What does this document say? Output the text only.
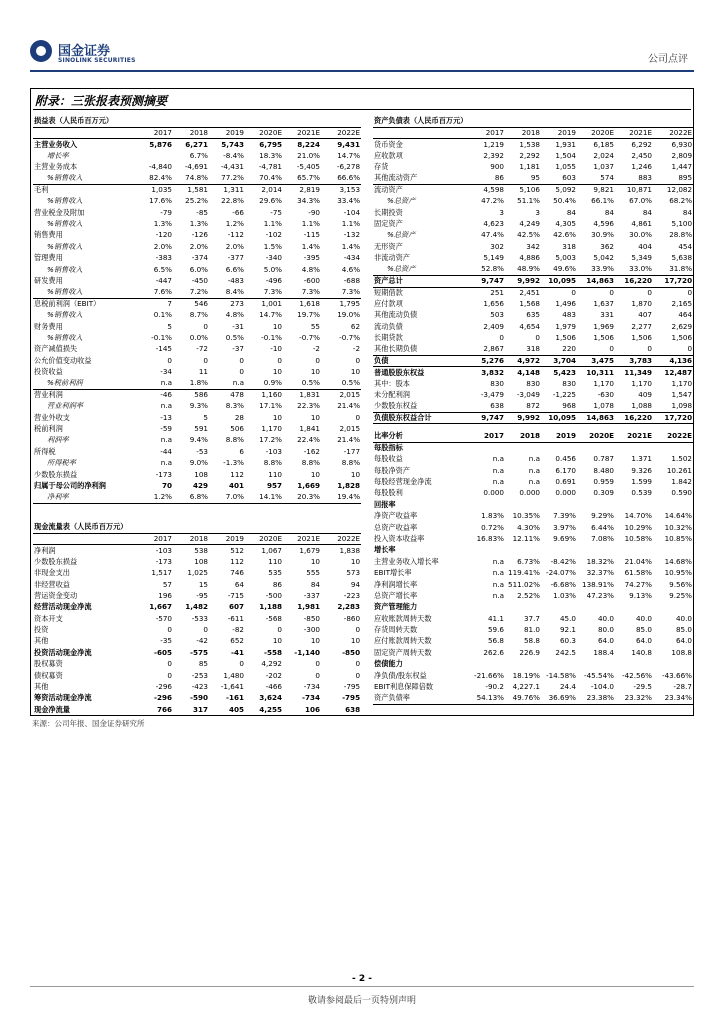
国金证券
SINOLINK SECURITIES	公司点评
附录：三张报表预测摘要
损益表（人民币百万元）						
	2017	2018	2019	2020E	2021E	2022E
主营业务收入	5,876	6,271	5,743	6,795	8,224	9,431
增长率		6.7%	-8.4%	18.3%	21.0%	14.7%
主营业务成本	-4,840	-4,691	-4,431	-4,781	-5,405	-6,278
%销售收入	82.4%	74.8%	77.2%	70.4%	65.7%	66.6%
毛利	1,035	1,581	1,311	2,014	2,819	3,153
%销售收入	17.6%	25.2%	22.8%	29.6%	34.3%	33.4%
营业税金及附加	-79	-85	-66	-75	-90	-104
%销售收入	1.3%	1.3%	1.2%	1.1%	1.1%	1.1%
销售费用	-120	-126	-112	-102	-115	-132
%销售收入	2.0%	2.0%	2.0%	1.5%	1.4%	1.4%
管理费用	-383	-374	-377	-340	-395	-434
%销售收入	6.5%	6.0%	6.6%	5.0%	4.8%	4.6%
研发费用	-447	-450	-483	-496	-600	-688
%销售收入	7.6%	7.2%	8.4%	7.3%	7.3%	7.3%
息税前利润（EBIT）	7	546	273	1,001	1,618	1,795
%销售收入	0.1%	8.7%	4.8%	14.7%	19.7%	19.0%
财务费用	5	0	-31	10	55	62
%销售收入	-0.1%	0.0%	0.5%	-0.1%	-0.7%	-0.7%
资产减值损失	-145	-72	-37	-10	-2	-2
公允价值变动收益	0	0	0	0	0	0
投资收益	-34	11	0	10	10	10
%税前利润	n.a	1.8%	n.a	0.9%	0.5%	0.5%
营业利润	-46	586	478	1,160	1,831	2,015
营业利润率	n.a	9.3%	8.3%	17.1%	22.3%	21.4%
营业外收支	-13	5	28	10	10	0
税前利润	-59	591	506	1,170	1,841	2,015
利润率	n.a	9.4%	8.8%	17.2%	22.4%	21.4%
所得税	-44	-53	6	-103	-162	-177
所得税率	n.a	9.0%	-1.3%	8.8%	8.8%	8.8%
少数股东损益	-173	108	112	110	10	10
归属于母公司的净利润	70	429	401	957	1,669	1,828
净利率	1.2%	6.8%	7.0%	14.1%	20.3%	19.4%
资产负债表（人民币百万元）						
	2017	2018	2019	2020E	2021E	2022E
货币资金	1,219	1,538	1,931	6,185	6,292	6,930
应收款项	2,392	2,292	1,504	2,024	2,450	2,809
存货	900	1,181	1,055	1,037	1,246	1,447
其他流动资产	86	95	603	574	883	895
流动资产	4,598	5,106	5,092	9,821	10,871	12,082
%总资产	47.2%	51.1%	50.4%	66.1%	67.0%	68.2%
长期投资	3	3	84	84	84	84
固定资产	4,623	4,249	4,305	4,596	4,861	5,100
%总资产	47.4%	42.5%	42.6%	30.9%	30.0%	28.8%
无形资产	302	342	318	362	404	454
非流动资产	5,149	4,886	5,003	5,042	5,349	5,638
%总资产	52.8%	48.9%	49.6%	33.9%	33.0%	31.8%
资产总计	9,747	9,992	10,095	14,863	16,220	17,720
短期借款	251	2,451	0	0	0	0
应付款项	1,656	1,568	1,496	1,637	1,870	2,165
其他流动负债	503	635	483	331	407	464
流动负债	2,409	4,654	1,979	1,969	2,277	2,629
长期贷款	0	0	1,506	1,506	1,506	1,506
其他长期负债	2,867	318	220	0	0	0
负债	5,276	4,972	3,704	3,475	3,783	4,136
普通股股东权益	3,832	4,148	5,423	10,311	11,349	12,487
其中：股本	830	830	830	1,170	1,170	1,170
未分配利润	-3,479	-3,049	-1,225	-630	409	1,547
少数股东权益	638	872	968	1,078	1,088	1,098
负债股东权益合计	9,747	9,992	10,095	14,863	16,220	17,720
比率分析	2017	2018	2019	2020E	2021E	2022E
每股指标						
每股收益	n.a	n.a	0.456	0.787	1.371	1.502
每股净资产	n.a	n.a	6.170	8.480	9.326	10.261
每股经营现金净流	n.a	n.a	0.691	0.959	1.599	1.842
每股股利	0.000	0.000	0.000	0.309	0.539	0.590
回报率						
净资产收益率	1.83%	10.35%	7.39%	9.29%	14.70%	14.64%
总资产收益率	0.72%	4.30%	3.97%	6.44%	10.29%	10.32%
投入资本收益率	16.83%	12.11%	9.69%	7.08%	10.58%	10.85%
增长率						
主营业务收入增长率	n.a	6.73%	-8.42%	18.32%	21.04%	14.68%
EBIT增长率	n.a	119.41%	-24.07%	32.37%	61.58%	10.95%
净利润增长率	n.a	511.02%	-6.68%	138.91%	74.27%	9.56%
总资产增长率	n.a	2.52%	1.03%	47.23%	9.13%	9.25%
资产管理能力						
应收账款周转天数	41.1	37.7	45.0	40.0	40.0	40.0
存货周转天数	59.6	81.0	92.1	80.0	85.0	85.0
应付账款周转天数	56.8	58.8	60.3	64.0	64.0	64.0
固定资产周转天数	262.6	226.9	242.5	188.4	140.8	108.8
偿债能力						
净负债/股东权益	-21.66%	18.19%	-14.58%	-45.54%	-42.56%	-43.66%
EBIT利息保障倍数	-90.2	4,227.1	24.4	-104.0	-29.5	-28.7
资产负债率	54.13%	49.76%	36.69%	23.38%	23.32%	23.34%
现金流量表（人民币百万元）						
	2017	2018	2019	2020E	2021E	2022E
净利润	-103	538	512	1,067	1,679	1,838
少数股东损益	-173	108	112	110	10	10
非现金支出	1,517	1,025	746	535	555	573
非经营收益	57	15	64	86	84	94
营运资金变动	196	-95	-715	-500	-337	-223
经营活动现金净流	1,667	1,482	607	1,188	1,981	2,283
资本开支	-570	-533	-611	-568	-850	-860
投资	0	0	-82	0	-300	0
其他	-35	-42	652	10	10	10
投资活动现金净流	-605	-575	-41	-558	-1,140	-850
股权募资	0	85	0	4,292	0	0
债权募资	0	-253	1,480	-202	0	0
其他	-296	-423	-1,641	-466	-734	-795
筹资活动现金净流	-296	-590	-161	3,624	-734	-795
现金净流量	766	317	405	4,255	106	638
来源：公司年报、国金证券研究所
- 2 -
敬请参阅最后一页特别声明
